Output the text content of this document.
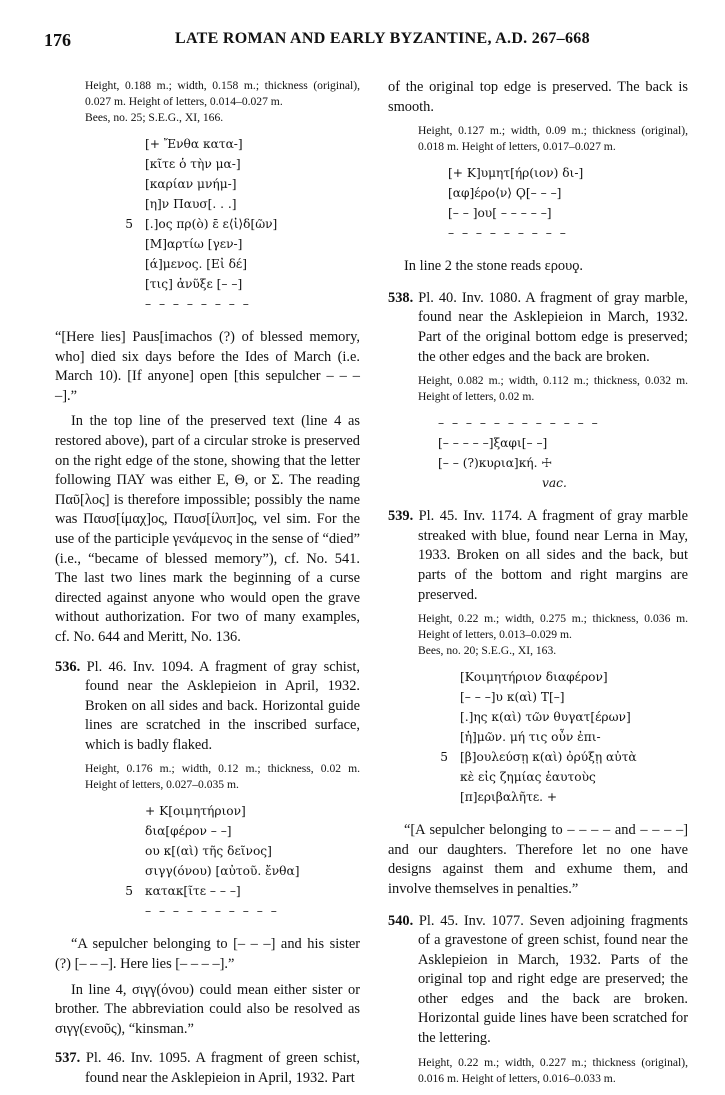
176	LATE ROMAN AND EARLY BYZANTINE, A.D. 267–668

Height, 0.188 m.; width, 0.158 m.; thickness (original), 0.027 m. Height of letters, 0.014–0.027 m.

Bees, no. 25; S.E.G., XI, 166.

[+ Ἔνθα κατα-]
[κῖτε ὁ τὴν μα-]
[καρίαν μνήμ-]
[η]ν Παυσ[. . .]
5 [.]ος πρ(ὸ) ε̄ ε⟨ἰ⟩δ[ῶν]
[Μ]αρτίω [γεν-]
[ά]μενος. [Εἰ δέ]
[τις] ἀνῦξε [– –]
– – – – – – – –

“[Here lies] Paus[imachos (?) of blessed memory, who] died six days before the Ides of March (i.e. March 10). [If anyone] open [this sepulcher – – – –].”

In the top line of the preserved text (line 4 as restored above), part of a circular stroke is preserved on the right edge of the stone, showing that the letter following ΠΑΥ was either Ε, Θ, or Σ. The reading Παῦ[λος] is therefore impossible; possibly the name was Παυσ[ίμαχ]ος, Παυσ[ίλυπ]ος, vel sim. For the use of the participle γενάμενος in the sense of “died” (i.e., “became of blessed memory”), cf. No. 541. The last two lines mark the beginning of a curse directed against anyone who would open the grave without authorization. For two of many examples, cf. No. 644 and Meritt, No. 136.

536. Pl. 46. Inv. 1094. A fragment of gray schist, found near the Asklepieion in April, 1932. Broken on all sides and back. Horizontal guide lines are scratched in the inscribed surface, which is badly flaked.

Height, 0.176 m.; width, 0.12 m.; thickness, 0.02 m. Height of letters, 0.027–0.035 m.

+ Κ[οιμητήριον]
δια[φέρον – –]
ου κ[(αὶ) τῆς δεῖνος]
σιγγ(όνου) [αὐτοῦ. ἔνθα]
5 κατακ[ῖτε – – –]
– – – – – – – – – –

“A sepulcher belonging to [– – –] and his sister (?) [– – –]. Here lies [– – – –].”

In line 4, σιγγ(όνου) could mean either sister or brother. The abbreviation could also be resolved as σιγγ(ενοῦς), “kinsman.”

537. Pl. 46. Inv. 1095. A fragment of green schist, found near the Asklepieion in April, 1932. Part

of the original top edge is preserved. The back is smooth.

Height, 0.127 m.; width, 0.09 m.; thickness (original), 0.018 m. Height of letters, 0.017–0.027 m.

[+ Κ]υμητ[ήρ(ιον) δι-]
[αφ]έρο⟨ν⟩ Ϙ[– – –]
[– – ]ου[ – – – – –]
– – – – – – – – –

In line 2 the stone reads ερουϙ.

538. Pl. 40. Inv. 1080. A fragment of gray marble, found near the Asklepieion in March, 1932. Part of the original bottom edge is preserved; the other edges and the back are broken.

Height, 0.082 m.; width, 0.112 m.; thickness, 0.032 m. Height of letters, 0.02 m.

– – – – – – – – – – – –
[– – – – –]ξαφι[– –]
[– – (?)κυρια]κή. ☩
vac.

539. Pl. 45. Inv. 1174. A fragment of gray marble streaked with blue, found near Lerna in May, 1933. Broken on all sides and the back, but parts of the bottom and right margins are preserved.

Height, 0.22 m.; width, 0.275 m.; thickness, 0.036 m. Height of letters, 0.013–0.029 m.

Bees, no. 20; S.E.G., XI, 163.

[Κοιμητήριον διαφέρον]
[– – –]υ κ(αὶ) Τ[–]
[.]ης κ(αὶ) τῶν θυγατ[έρων]
[ἡ]μῶν. μή τις οὖν ἐπι-
5 [β]ουλεύσῃ κ(αὶ) ὀρύξῃ αὐτὰ
κὲ εἰς ζημίας ἑαυτοὺς
[π]εριβαλῆτε. +

“[A sepulcher belonging to – – – – and – – – –] and our daughters. Therefore let no one have designs against them and exhume them, and involve themselves in penalties.”

540. Pl. 45. Inv. 1077. Seven adjoining fragments of a gravestone of green schist, found near the Asklepieion in March, 1932. Parts of the original top and right edge are preserved; the other edges and the back are broken. Horizontal guide lines have been scratched for the lettering.

Height, 0.22 m.; width, 0.227 m.; thickness (original), 0.016 m. Height of letters, 0.016–0.033 m.
